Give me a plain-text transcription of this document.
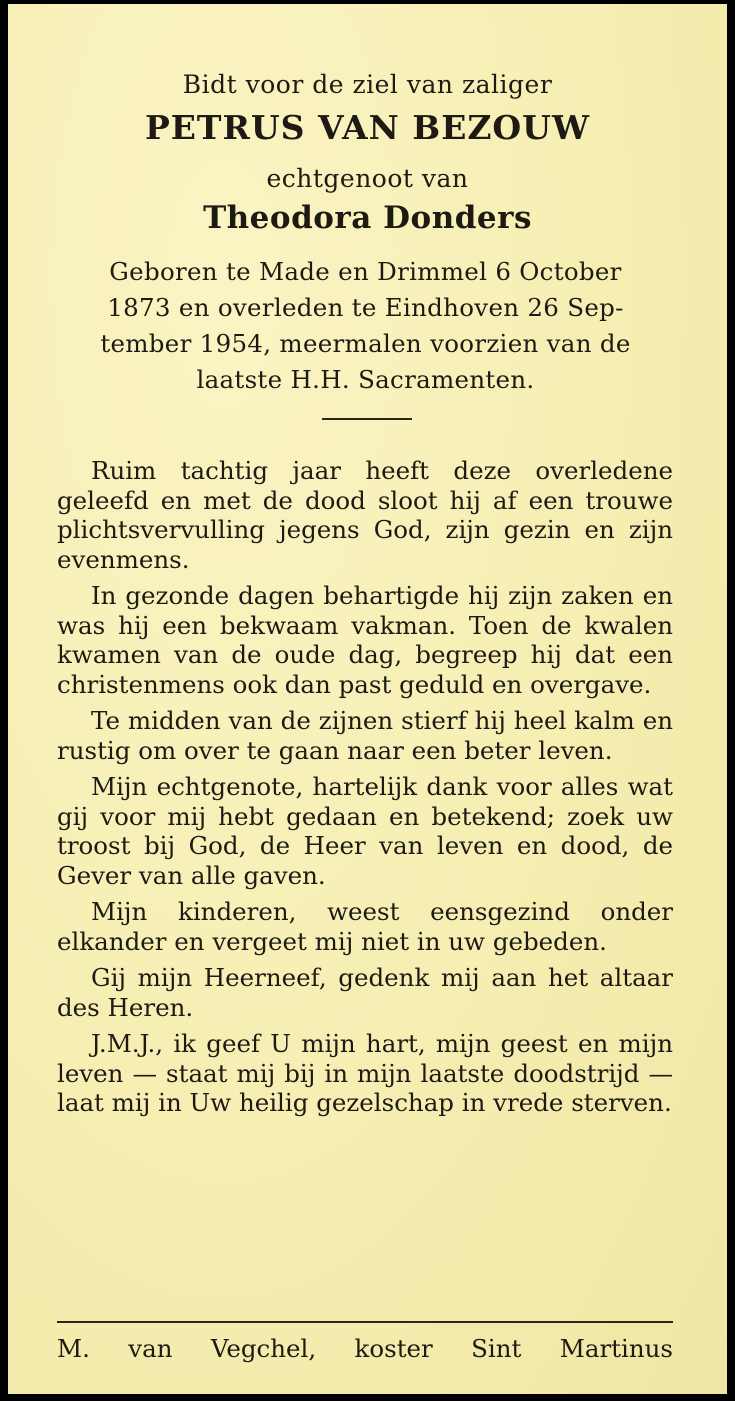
Bidt voor de ziel van zaliger
PETRUS VAN BEZOUW
echtgenoot van
Theodora Donders
Geboren te Made en Drimmel 6 October
1873 en overleden te Eindhoven 26 Sep-
tember 1954, meermalen voorzien van de
laatste H.H. Sacramenten.

Ruim tachtig jaar heeft deze overledene geleefd en met de dood sloot hij af een trouwe plichtsvervulling jegens God, zijn gezin en zijn evenmens.

In gezonde dagen behartigde hij zijn zaken en was hij een bekwaam vakman. Toen de kwalen kwamen van de oude dag, begreep hij dat een christenmens ook dan past geduld en overgave.

Te midden van de zijnen stierf hij heel kalm en rustig om over te gaan naar een beter leven.

Mijn echtgenote, hartelijk dank voor alles wat gij voor mij hebt gedaan en betekend; zoek uw troost bij God, de Heer van leven en dood, de Gever van alle gaven.

Mijn kinderen, weest eensgezind onder elkander en vergeet mij niet in uw gebeden.

Gij mijn Heerneef, gedenk mij aan het altaar des Heren.

J.M.J., ik geef U mijn hart, mijn geest en mijn leven — staat mij bij in mijn laatste doodstrijd — laat mij in Uw heilig gezelschap in vrede sterven.

M. van Vegchel, koster Sint Martinus
